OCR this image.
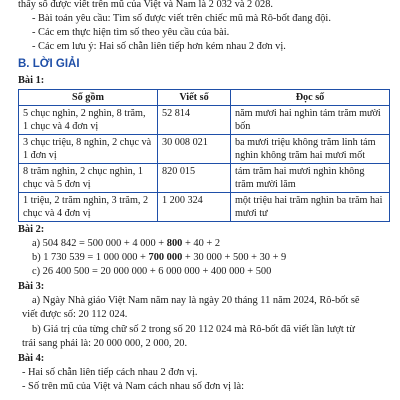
thấy số được viết trên mũ của Việt và Nam là 2 032 và 2 028.
- Bài toán yêu cầu: Tìm số được viết trên chiếc mũ mà Rô-bốt đang đội.
- Các em thực hiện tìm số theo yêu cầu của bài.
- Các em lưu ý: Hai số chẵn liên tiếp hơn kém nhau 2 đơn vị.
B. LỜI GIẢI
Bài 1:
Số gồm	Viết số	Đọc số
5 chục nghìn, 2 nghìn, 8 trăm, 1 chục và 4 đơn vị	52 814	năm mươi hai nghìn tám trăm mười bốn
3 chục triệu, 8 nghìn, 2 chục và 1 đơn vị	30 008 021	ba mươi triệu không trăm linh tám nghìn không trăm hai mươi mốt
8 trăm nghìn, 2 chục nghìn, 1 chục và 5 đơn vị	820 015	tám trăm hai mươi nghìn không trăm mười lăm
1 triệu, 2 trăm nghìn, 3 trăm, 2 chục và 4 đơn vị	1 200 324	một triệu hai trăm nghìn ba trăm hai mươi tư
Bài 2:
a) 504 842 = 500 000 + 4 000 + 800 + 40 + 2
b) 1 730 539 = 1 000 000 + 700 000 + 30 000 + 500 + 30 + 9
c) 26 400 500 = 20 000 000 + 6 000 000 + 400 000 + 500
Bài 3:
a) Ngày Nhà giáo Việt Nam năm nay là ngày 20 tháng 11 năm 2024, Rô-bốt sẽ
viết được số: 20 112 024.
b) Giá trị của từng chữ số 2 trong số 20 112 024 mà Rô-bốt đã viết lần lượt từ
trái sang phải là: 20 000 000, 2 000, 20.
Bài 4:
- Hai số chẵn liên tiếp cách nhau 2 đơn vị.
- Số trên mũ của Việt và Nam cách nhau số đơn vị là:
